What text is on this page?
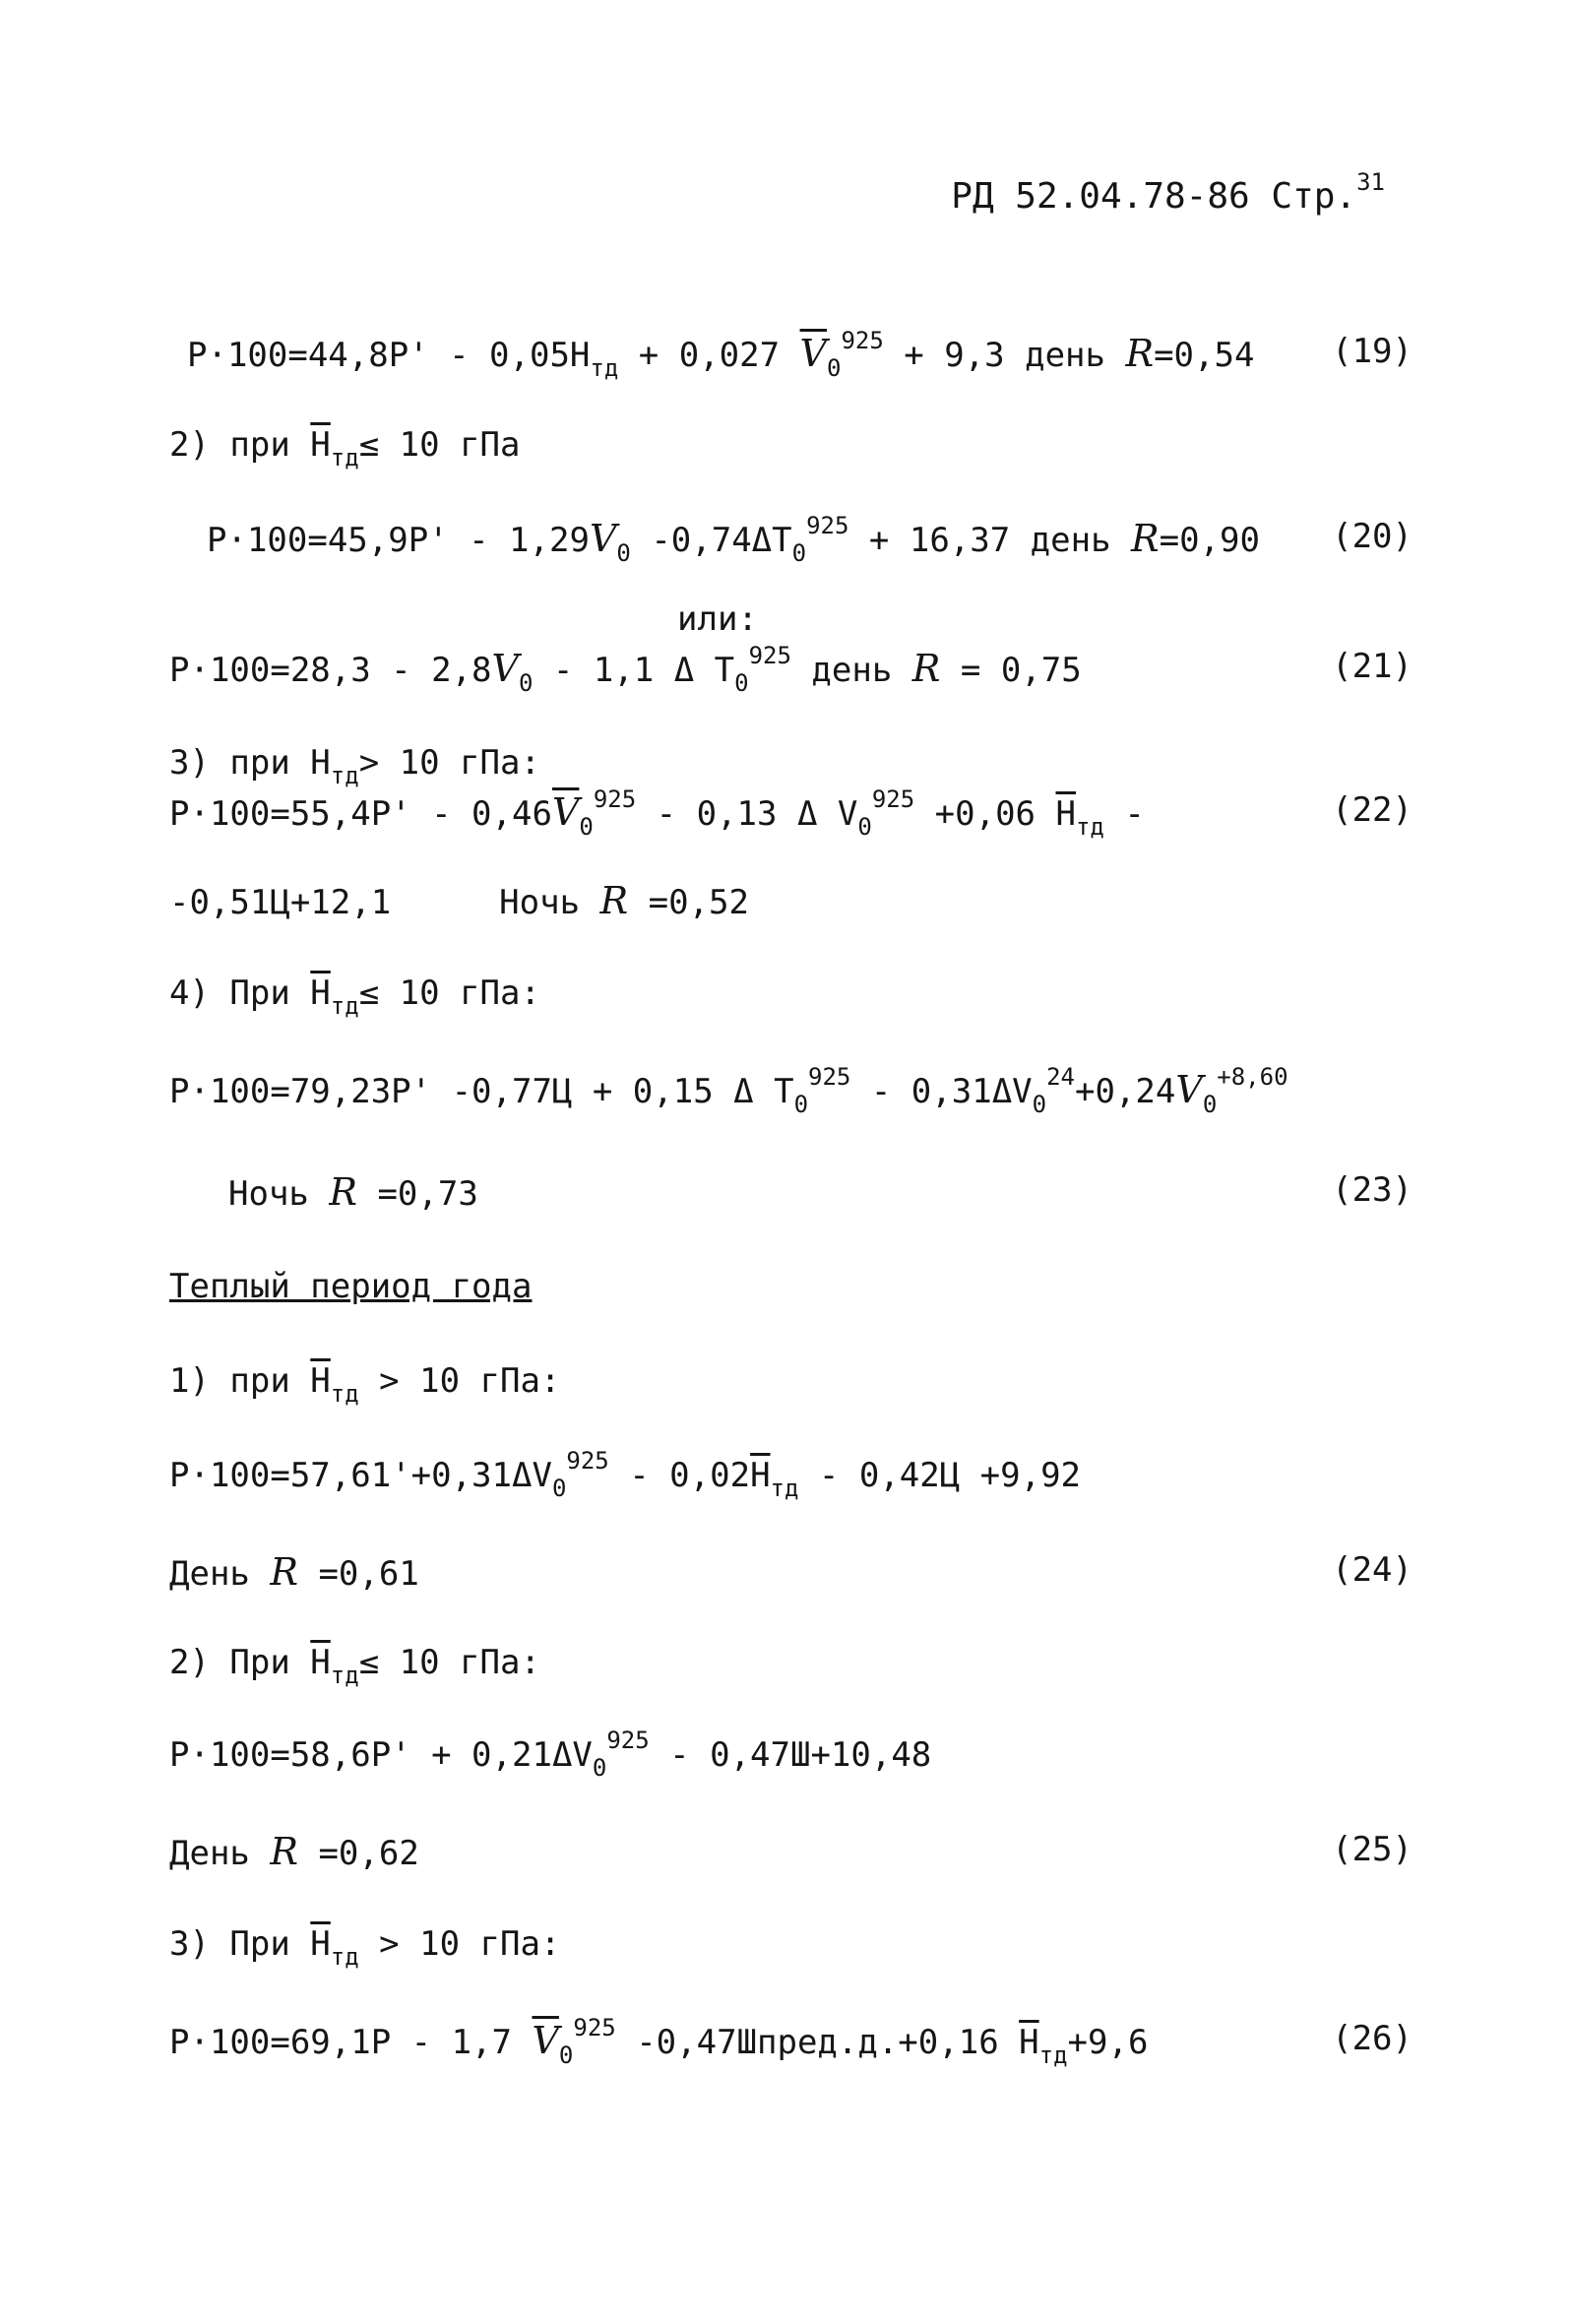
РД 52.04.78-86 Стр.$^{31}$
$Р\cdot 100=44,8Р' - 0,05Н_{тд} + 0,027$ $\overline{V}_0^{925} + 9,3$ день R=0,54 (19)
2) при $Н_{тд}\le 10$ гПа
$Р\cdot 100=45,9Р' - 1,29V_0$ $-0,74\Delta T_0^{925} + 16,37$ день R=0,90 (20)
или:
$Р\cdot 100=28,3 - 2,8V_0 - 1,1$ Δ $T_0^{925}$ день R = 0,75	(21)
3) при $Н_{тд}> 10$ гПа:
$Р\cdot 100=55,4Р' - 0,46\overline{V}_0^{925} - 0,13$ Δ $V_0^{925} +0,06$ $Н_{тд}$ -	(22)
-0,51Ц+12,1	Ночь R =0,52
4) При $Н_{тд}\le 10$ гПа:
Р·100=79,23Р' -0,77Ц + 0,15 Δ $T_0^{925} - 0,31\Delta V_0^{24}+0,24V_0^{+8,60}$
Ночь R =0,73	(23)
Теплый период года
1) при $Н_{тд} > 10$ гПа:
$Р\cdot 100=57,61'+0,31\Delta V_0^{925} - 0,02Н_{тд} - 0,42Ц +9,92$
День R =0,61	(24)
2) При $Н_{тд}\le 10$ гПа:
$Р\cdot 100=58,6Р' + 0,21\Delta V_0^{925} - 0,47Ш+10,48$
День R =0,62	(25)
3) При $Н_{тд} > 10$ гПа:
Р·100=69,1Р - 1,7 $\overline{V}_0^{925}$ -0,47Шпред.д.+0,16 $Н_{тд}+9,6$	(26)
